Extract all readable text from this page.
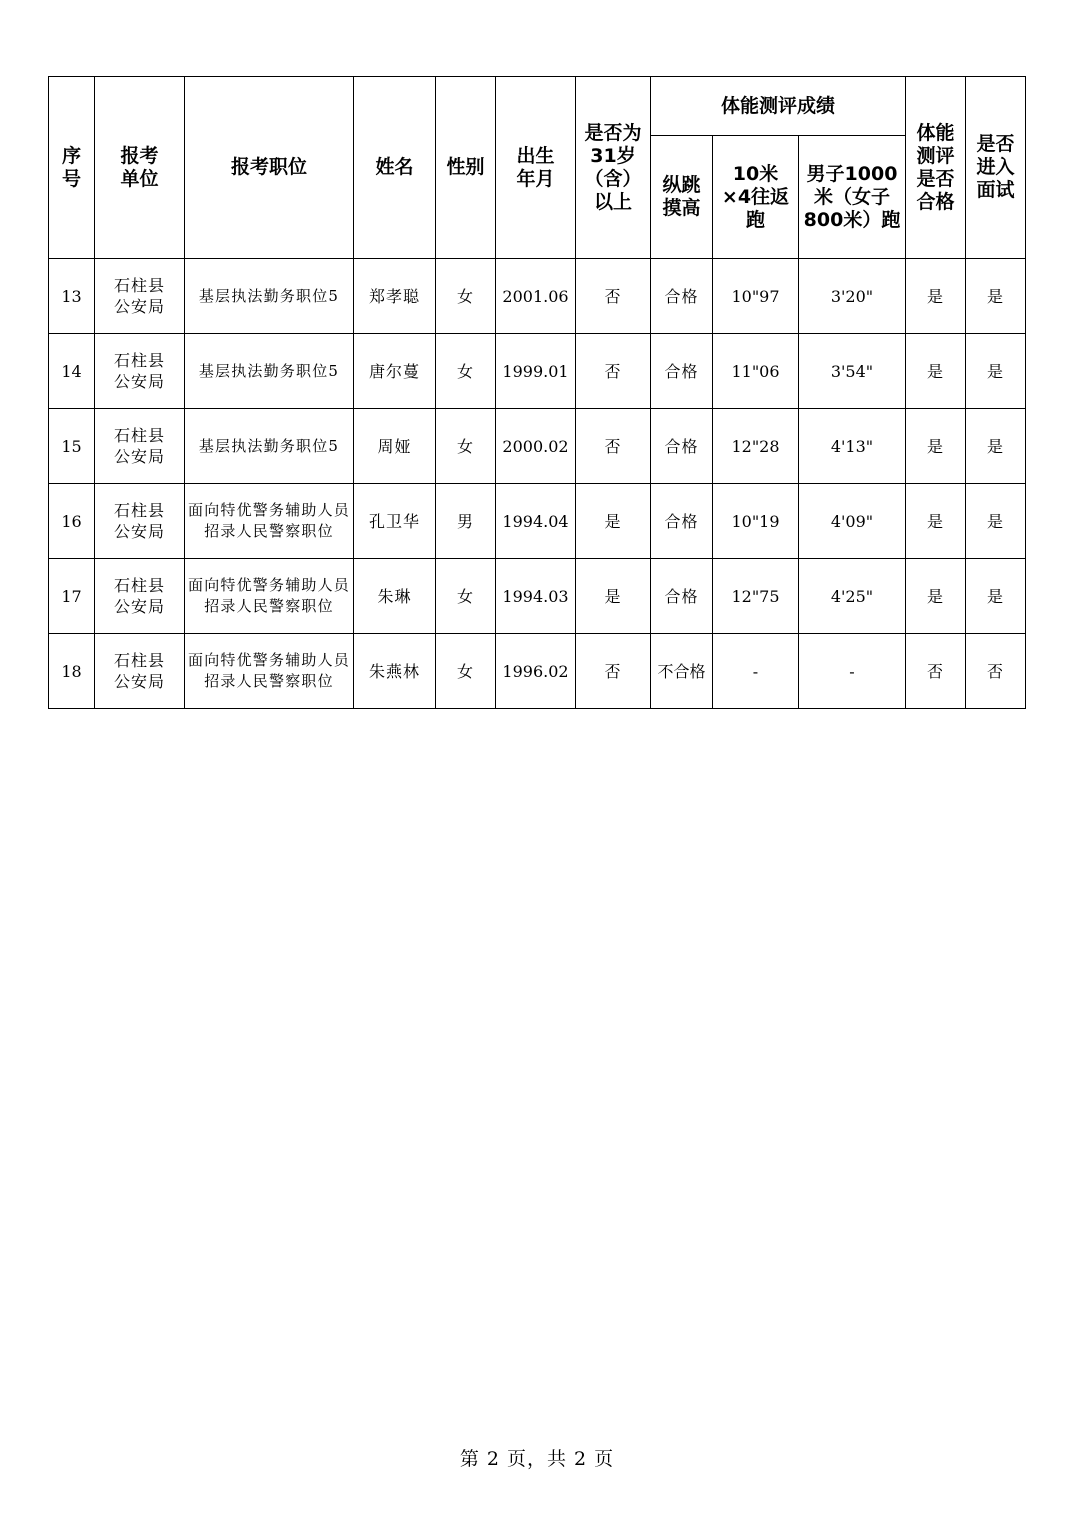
序号	报考单位	报考职位	姓名	性别	出生年月	是否为31岁（含）以上	体能测评成绩			体能测评是否合格	是否进入面试
							纵跳摸高	10米×4往返跑	男子1000米（女子800米）跑		
13	石柱县公安局	基层执法勤务职位5	郑孝聪	女	2001.06	否	合格	10"97	3'20"	是	是
14	石柱县公安局	基层执法勤务职位5	唐尔蔓	女	1999.01	否	合格	11"06	3'54"	是	是
15	石柱县公安局	基层执法勤务职位5	周娅	女	2000.02	否	合格	12"28	4'13"	是	是
16	石柱县公安局	面向特优警务辅助人员招录人民警察职位	孔卫华	男	1994.04	是	合格	10"19	4'09"	是	是
17	石柱县公安局	面向特优警务辅助人员招录人民警察职位	朱琳	女	1994.03	是	合格	12"75	4'25"	是	是
18	石柱县公安局	面向特优警务辅助人员招录人民警察职位	朱燕林	女	1996.02	否	不合格	-	-	否	否
第 2 页，共 2 页
